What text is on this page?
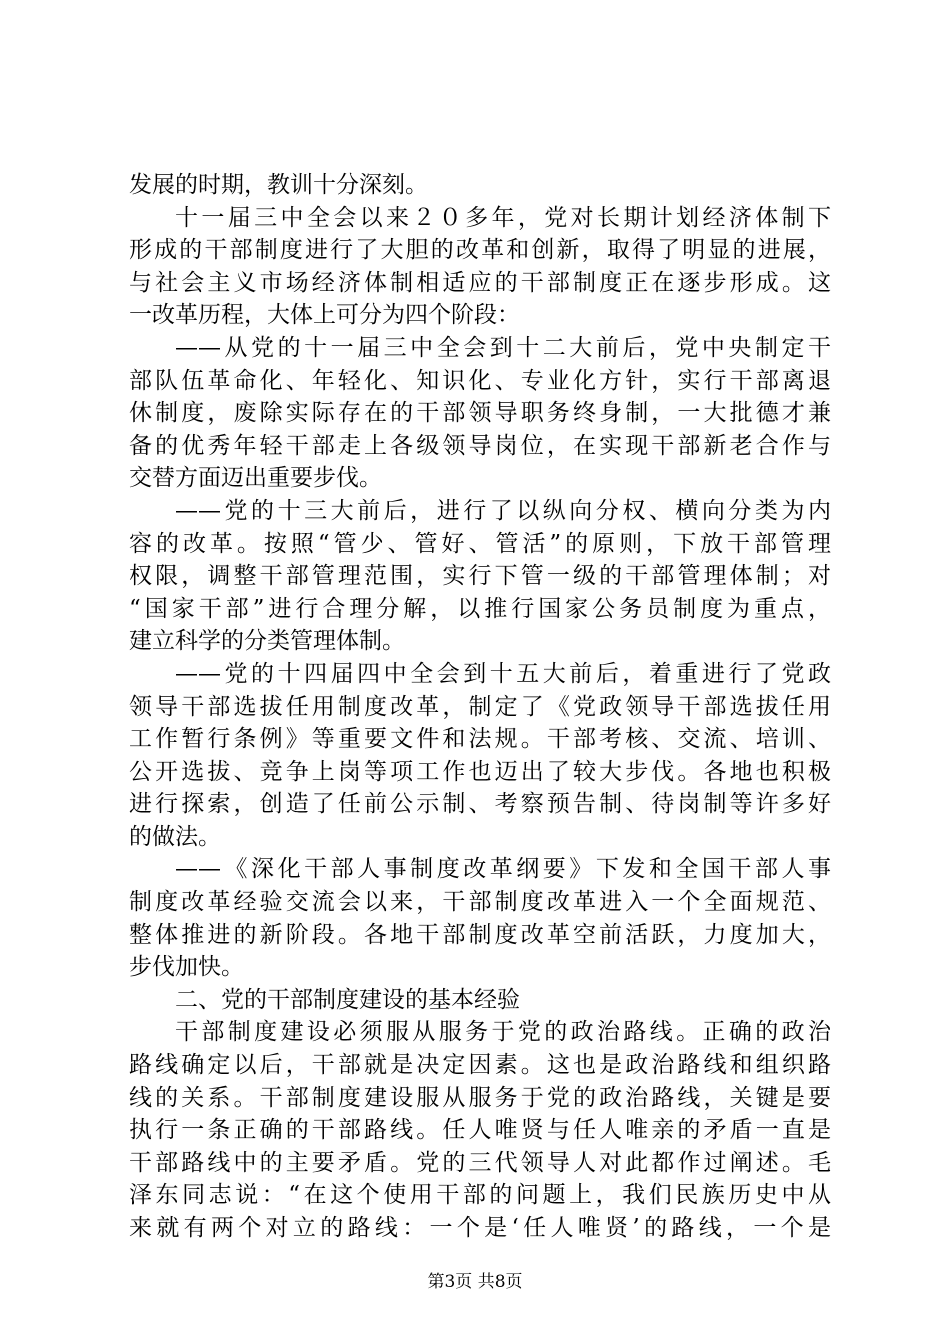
发展的时期，教训十分深刻。
十一届三中全会以来２０多年，党对长期计划经济体制下
形成的干部制度进行了大胆的改革和创新，取得了明显的进展，
与社会主义市场经济体制相适应的干部制度正在逐步形成。这
一改革历程，大体上可分为四个阶段：
——从党的十一届三中全会到十二大前后，党中央制定干
部队伍革命化、年轻化、知识化、专业化方针，实行干部离退
休制度，废除实际存在的干部领导职务终身制，一大批德才兼
备的优秀年轻干部走上各级领导岗位，在实现干部新老合作与
交替方面迈出重要步伐。
——党的十三大前后，进行了以纵向分权、横向分类为内
容的改革。按照“管少、管好、管活”的原则，下放干部管理
权限，调整干部管理范围，实行下管一级的干部管理体制；对
“国家干部”进行合理分解，以推行国家公务员制度为重点，
建立科学的分类管理体制。
——党的十四届四中全会到十五大前后，着重进行了党政
领导干部选拔任用制度改革，制定了《党政领导干部选拔任用
工作暂行条例》等重要文件和法规。干部考核、交流、培训、
公开选拔、竞争上岗等项工作也迈出了较大步伐。各地也积极
进行探索，创造了任前公示制、考察预告制、待岗制等许多好
的做法。
——《深化干部人事制度改革纲要》下发和全国干部人事
制度改革经验交流会以来，干部制度改革进入一个全面规范、
整体推进的新阶段。各地干部制度改革空前活跃，力度加大，
步伐加快。
二、党的干部制度建设的基本经验
干部制度建设必须服从服务于党的政治路线。正确的政治
路线确定以后，干部就是决定因素。这也是政治路线和组织路
线的关系。干部制度建设服从服务于党的政治路线，关键是要
执行一条正确的干部路线。任人唯贤与任人唯亲的矛盾一直是
干部路线中的主要矛盾。党的三代领导人对此都作过阐述。毛
泽东同志说：“在这个使用干部的问题上，我们民族历史中从
来就有两个对立的路线：一个是‘任人唯贤’的路线，一个是
第3页 共8页
